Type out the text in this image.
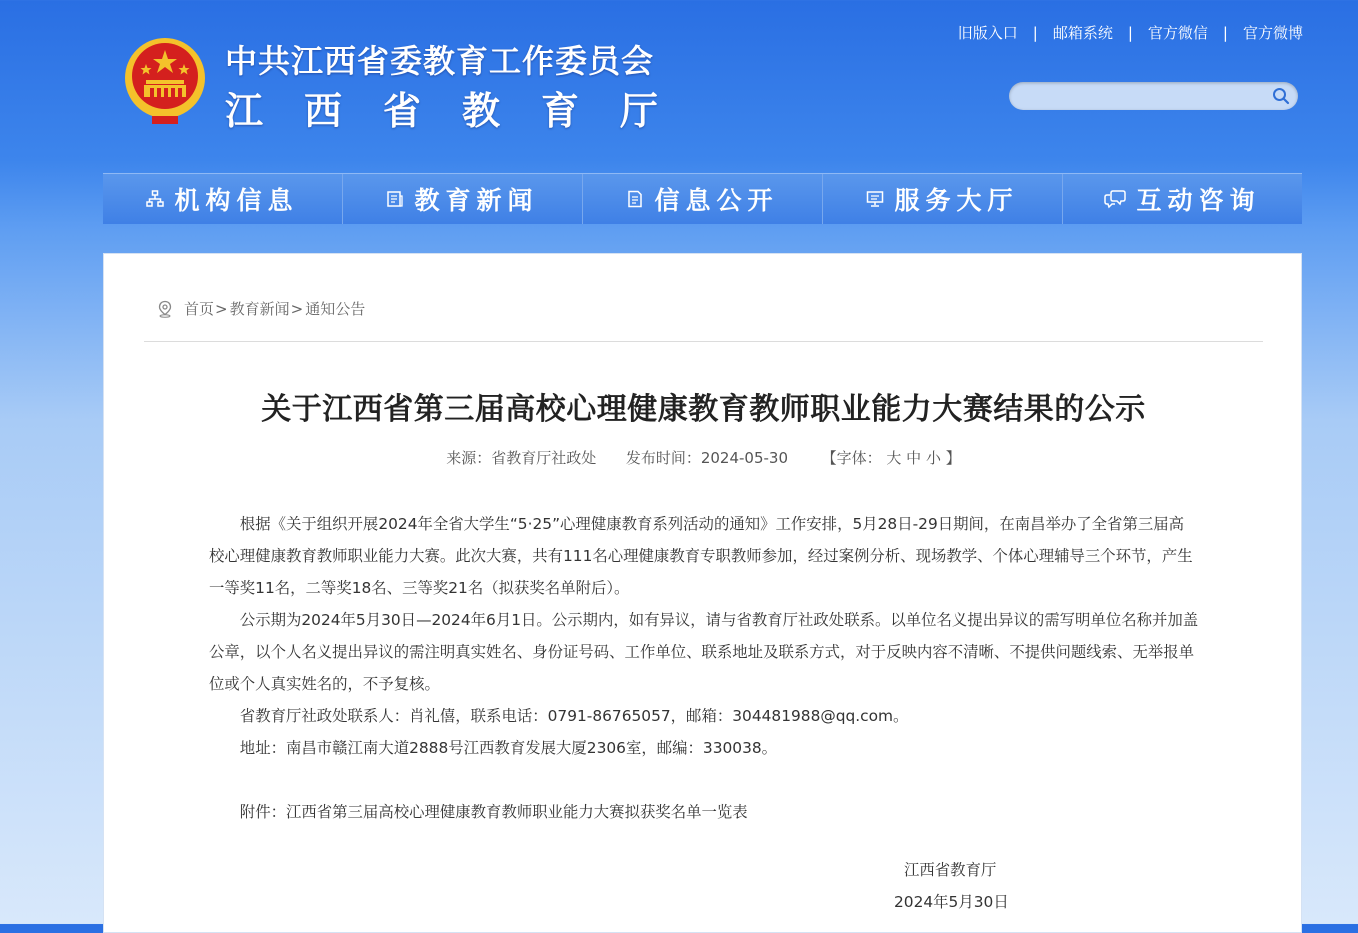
中共江西省委教育工作委员会
江西省教育厅
旧版入口 | 邮箱系统 | 官方微信 | 官方微博
机构信息	教育新闻	信息公开	服务大厅	互动咨询
首页 > 教育新闻 > 通知公告
关于江西省第三届高校心理健康教育教师职业能力大赛结果的公示
来源：省教育厅社政处 发布时间：2024-05-30 【字体： 大 中 小 】

根据《关于组织开展2024年全省大学生“5·25”心理健康教育系列活动的通知》工作安排，5月28日-29日期间，在南昌举办了全省第三届高校心理健康教育教师职业能力大赛。此次大赛，共有111名心理健康教育专职教师参加，经过案例分析、现场教学、个体心理辅导三个环节，产生一等奖11名，二等奖18名、三等奖21名（拟获奖名单附后）。

公示期为2024年5月30日—2024年6月1日。公示期内，如有异议，请与省教育厅社政处联系。以单位名义提出异议的需写明单位名称并加盖公章，以个人名义提出异议的需注明真实姓名、身份证号码、工作单位、联系地址及联系方式，对于反映内容不清晰、不提供问题线索、无举报单位或个人真实姓名的，不予复核。

省教育厅社政处联系人：肖礼僖，联系电话：0791-86765057，邮箱：304481988@qq.com。

地址：南昌市赣江南大道2888号江西教育发展大厦2306室，邮编：330038。

附件：江西省第三届高校心理健康教育教师职业能力大赛拟获奖名单一览表

江西省教育厅
2024年5月30日
